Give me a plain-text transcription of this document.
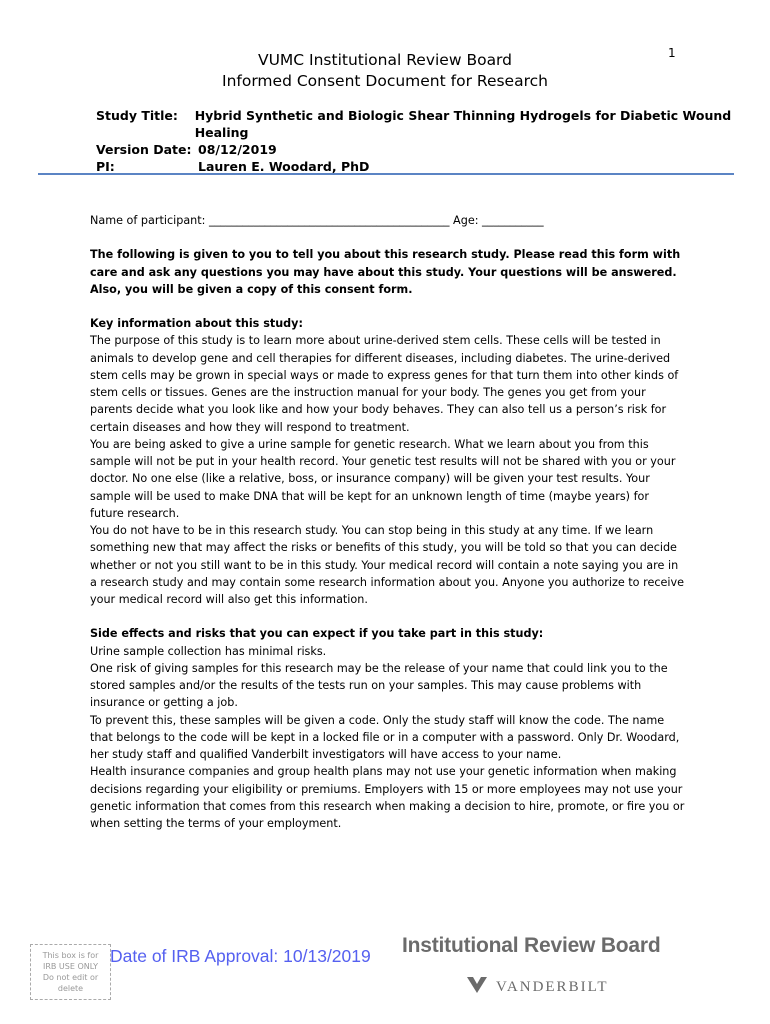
1
VUMC Institutional Review Board
Informed Consent Document for Research
Study Title:	Hybrid Synthetic and Biologic Shear Thinning Hydrogels for Diabetic Wound Healing
Version Date: 08/12/2019
PI:	Lauren E. Woodard, PhD

Name of participant: ___________________________________________ Age: ___________

The following is given to you to tell you about this research study. Please read this form with care and ask any questions you may have about this study. Your questions will be answered. Also, you will be given a copy of this consent form.

Key information about this study:

The purpose of this study is to learn more about urine-derived stem cells. These cells will be tested in animals to develop gene and cell therapies for different diseases, including diabetes. The urine-derived stem cells may be grown in special ways or made to express genes for that turn them into other kinds of stem cells or tissues. Genes are the instruction manual for your body. The genes you get from your parents decide what you look like and how your body behaves. They can also tell us a person’s risk for certain diseases and how they will respond to treatment.

You are being asked to give a urine sample for genetic research. What we learn about you from this sample will not be put in your health record. Your genetic test results will not be shared with you or your doctor. No one else (like a relative, boss, or insurance company) will be given your test results. Your sample will be used to make DNA that will be kept for an unknown length of time (maybe years) for future research.

You do not have to be in this research study. You can stop being in this study at any time. If we learn something new that may affect the risks or benefits of this study, you will be told so that you can decide whether or not you still want to be in this study. Your medical record will contain a note saying you are in a research study and may contain some research information about you. Anyone you authorize to receive your medical record will also get this information.

Side effects and risks that you can expect if you take part in this study:

Urine sample collection has minimal risks.

One risk of giving samples for this research may be the release of your name that could link you to the stored samples and/or the results of the tests run on your samples. This may cause problems with insurance or getting a job.

To prevent this, these samples will be given a code. Only the study staff will know the code. The name that belongs to the code will be kept in a locked file or in a computer with a password. Only Dr. Woodard, her study staff and qualified Vanderbilt investigators will have access to your name.

Health insurance companies and group health plans may not use your genetic information when making decisions regarding your eligibility or premiums. Employers with 15 or more employees may not use your genetic information that comes from this research when making a decision to hire, promote, or fire you or when setting the terms of your employment.

This box is for
IRB USE ONLY
Do not edit or delete
Date of IRB Approval: 10/13/2019 Institutional Review Board
VANDERBILT
